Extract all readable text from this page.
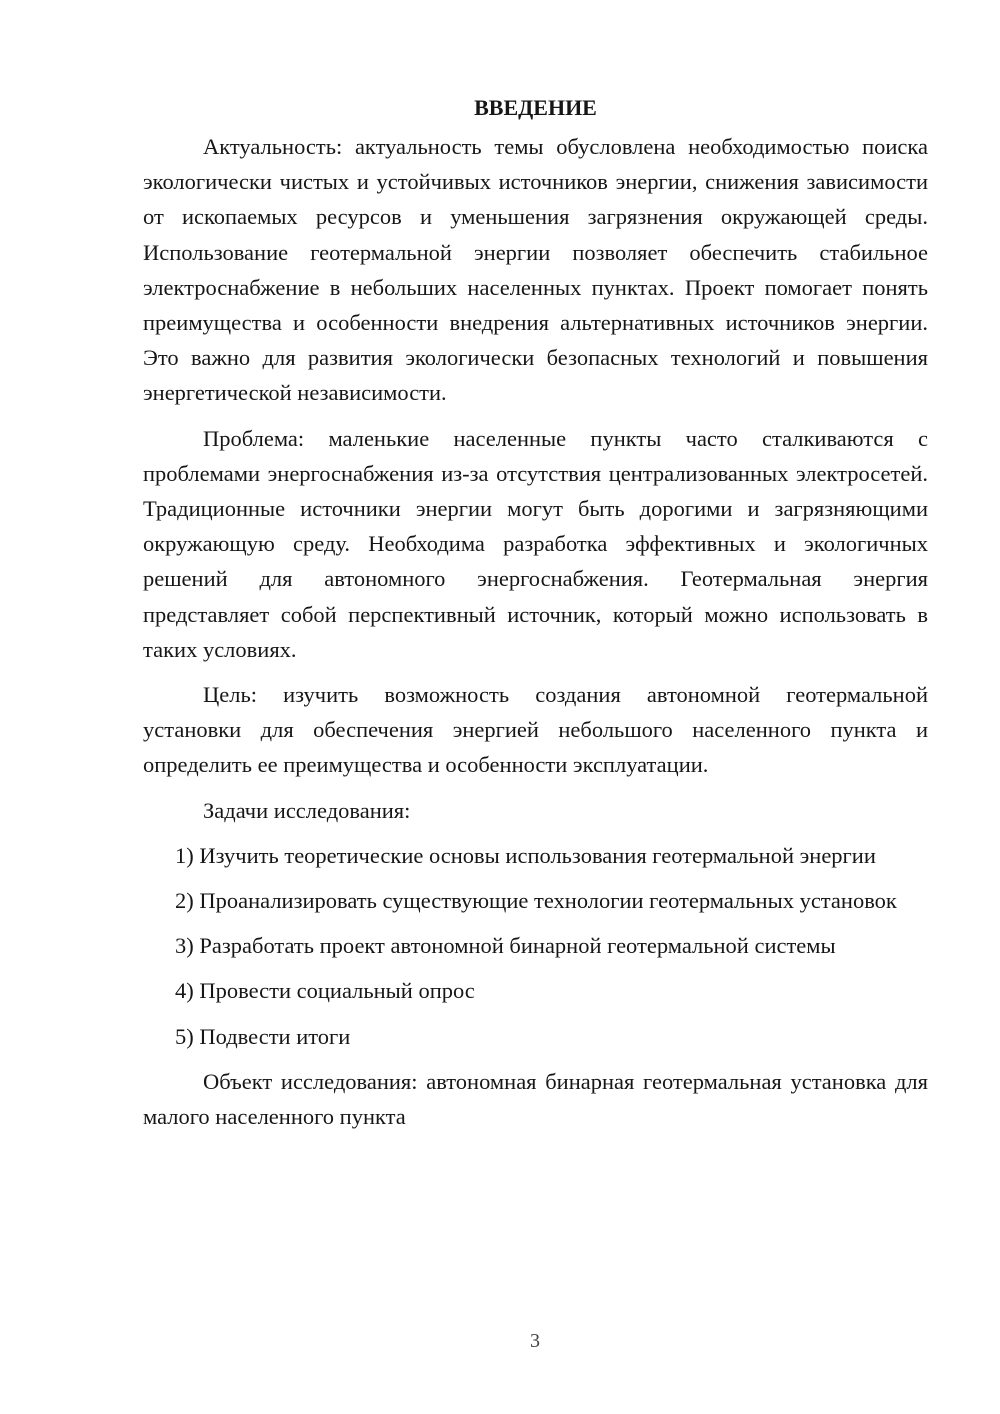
ВВЕДЕНИЕ

Актуальность: актуальность темы обусловлена необходимостью поиска экологически чистых и устойчивых источников энергии, снижения зависимости от ископаемых ресурсов и уменьшения загрязнения окружающей среды. Использование геотермальной энергии позволяет обеспечить стабильное электроснабжение в небольших населенных пунктах. Проект помогает понять преимущества и особенности внедрения альтернативных источников энергии. Это важно для развития экологически безопасных технологий и повышения энергетической независимости.

Проблема: маленькие населенные пункты часто сталкиваются с проблемами энергоснабжения из-за отсутствия централизованных электросетей. Традиционные источники энергии могут быть дорогими и загрязняющими окружающую среду. Необходима разработка эффективных и экологичных решений для автономного энергоснабжения. Геотермальная энергия представляет собой перспективный источник, который можно использовать в таких условиях.

Цель: изучить возможность создания автономной геотермальной установки для обеспечения энергией небольшого населенного пункта и определить ее преимущества и особенности эксплуатации.

Задачи исследования:

1) Изучить теоретические основы использования геотермальной энергии

2) Проанализировать существующие технологии геотермальных установок

3) Разработать проект автономной бинарной геотермальной системы

4) Провести социальный опрос

5) Подвести итоги

Объект исследования: автономная бинарная геотермальная установка для малого населенного пункта

3
